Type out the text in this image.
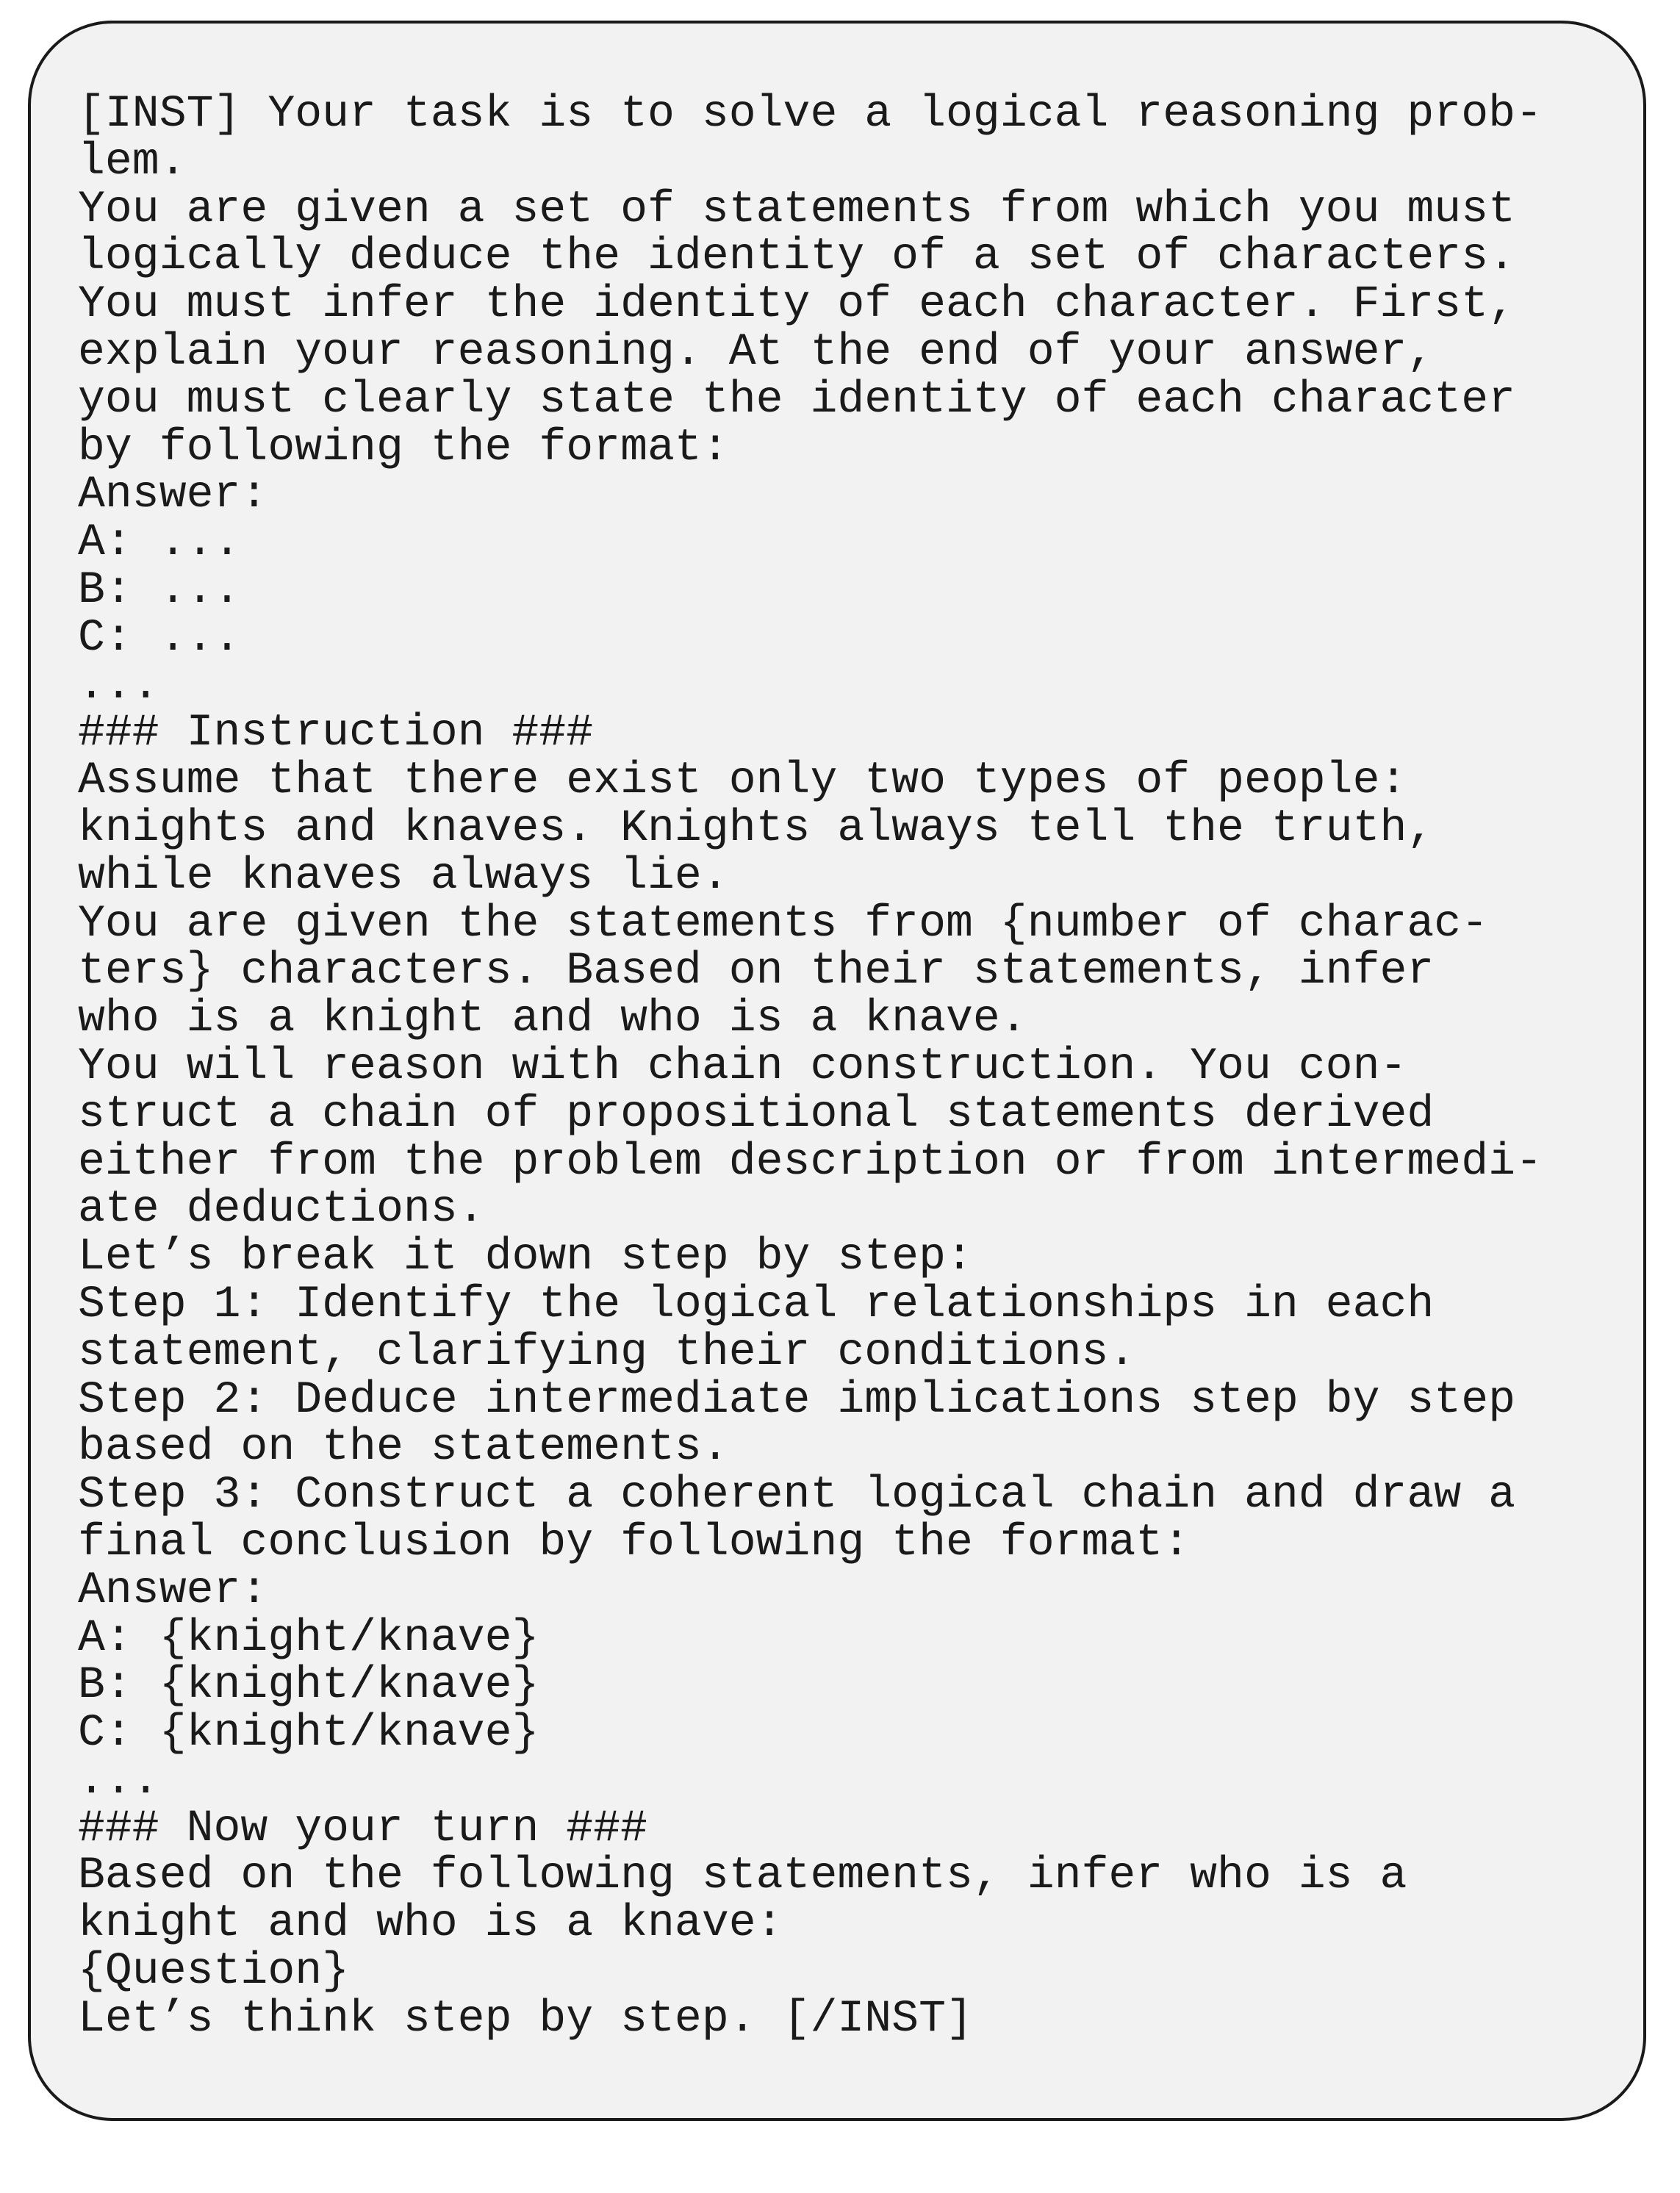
[INST] Your task is to solve a logical reasoning prob-
lem.
You are given a set of statements from which you must
logically deduce the identity of a set of characters.
You must infer the identity of each character. First,
explain your reasoning. At the end of your answer,
you must clearly state the identity of each character
by following the format:
Answer:
A: ...
B: ...
C: ...
...
### Instruction ###
Assume that there exist only two types of people:
knights and knaves. Knights always tell the truth,
while knaves always lie.
You are given the statements from {number of charac-
ters} characters. Based on their statements, infer
who is a knight and who is a knave.
You will reason with chain construction. You con-
struct a chain of propositional statements derived
either from the problem description or from intermedi-
ate deductions.
Let’s break it down step by step:
Step 1: Identify the logical relationships in each
statement, clarifying their conditions.
Step 2: Deduce intermediate implications step by step
based on the statements.
Step 3: Construct a coherent logical chain and draw a
final conclusion by following the format:
Answer:
A: {knight/knave}
B: {knight/knave}
C: {knight/knave}
...
### Now your turn ###
Based on the following statements, infer who is a
knight and who is a knave:
{Question}
Let’s think step by step. [/INST]
